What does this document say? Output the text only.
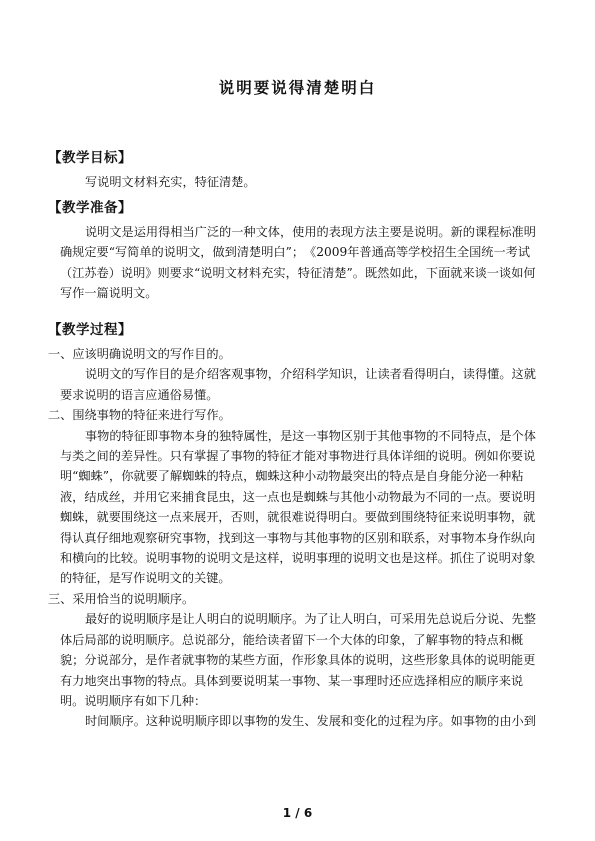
说明要说得清楚明白
【教学目标】

写说明文材料充实，特征清楚。

【教学准备】

说明文是运用得相当广泛的一种文体，使用的表现方法主要是说明。新的课程标准明确规定要“写简单的说明文，做到清楚明白”；　《2009年普通高等学校招生全国统一考试（江苏卷）说明》则要求“说明文材料充实，特征清楚”。既然如此，下面就来谈一谈如何写作一篇说明文。

【教学过程】

一、应该明确说明文的写作目的。

说明文的写作目的是介绍客观事物，介绍科学知识，让读者看得明白，读得懂。这就要求说明的语言应通俗易懂。

二、围绕事物的特征来进行写作。

事物的特征即事物本身的独特属性，是这一事物区别于其他事物的不同特点，是个体与类之间的差异性。只有掌握了事物的特征才能对事物进行具体详细的说明。例如你要说明“蜘蛛”，你就要了解蜘蛛的特点，蜘蛛这种小动物最突出的特点是自身能分泌一种粘液，结成丝，并用它来捕食昆虫，这一点也是蜘蛛与其他小动物最为不同的一点。要说明蜘蛛，就要围绕这一点来展开，否则，就很难说得明白。要做到围绕特征来说明事物，就得认真仔细地观察研究事物，找到这一事物与其他事物的区别和联系，对事物本身作纵向和横向的比较。说明事物的说明文是这样，说明事理的说明文也是这样。抓住了说明对象的特征，是写作说明文的关键。

三、采用恰当的说明顺序。

最好的说明顺序是让人明白的说明顺序。为了让人明白，可采用先总说后分说、先整体后局部的说明顺序。总说部分，能给读者留下一个大体的印象，了解事物的特点和概貌；分说部分，是作者就事物的某些方面，作形象具体的说明，这些形象具体的说明能更有力地突出事物的特点。具体到要说明某一事物、某一事理时还应选择相应的顺序来说明。说明顺序有如下几种：

时间顺序。这种说明顺序即以事物的发生、发展和变化的过程为序。如事物的由小到

1 / 6
